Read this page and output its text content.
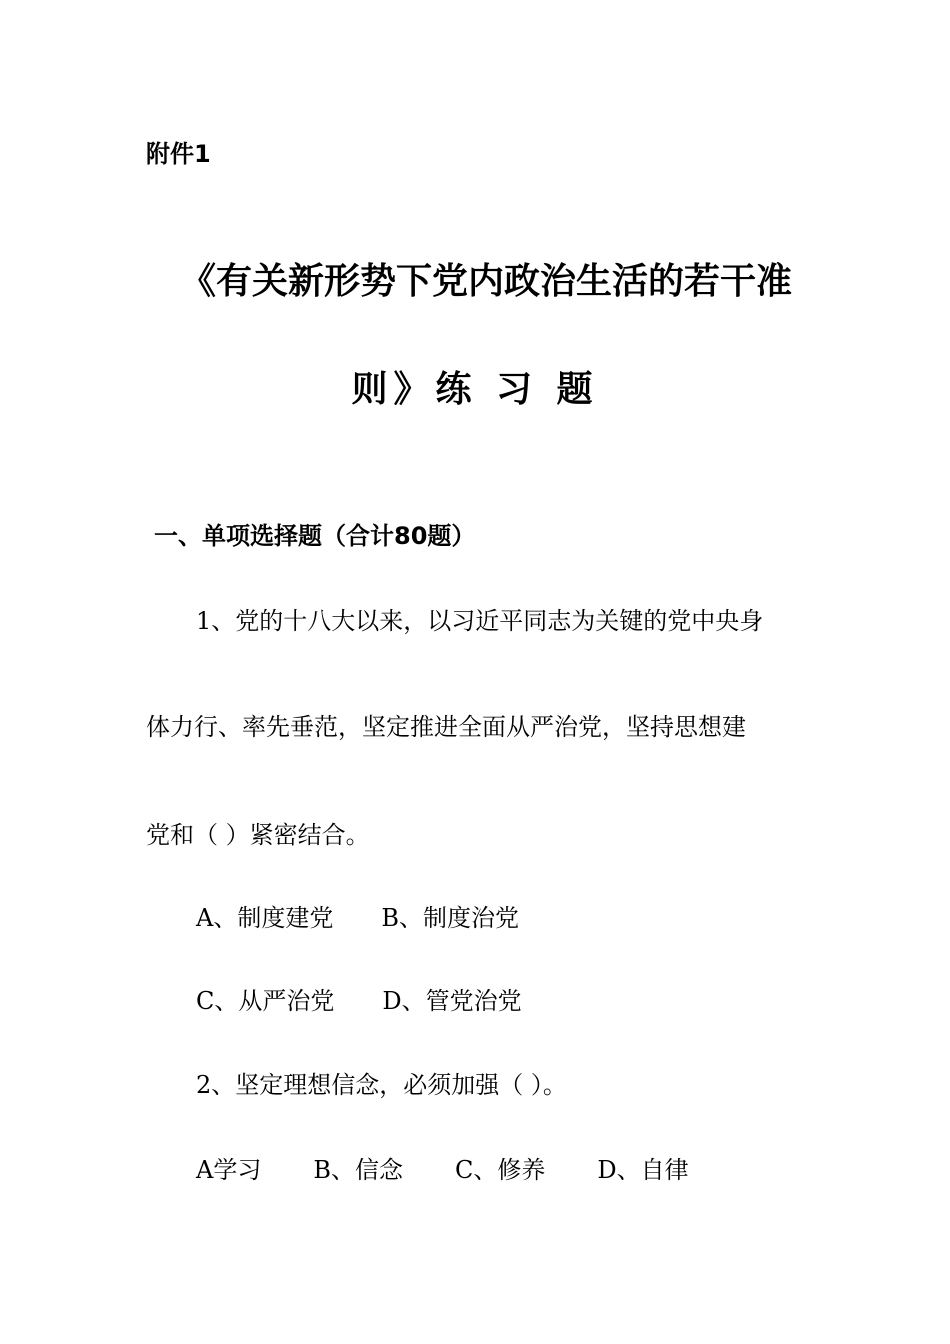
附件1
《有关新形势下党内政治生活的若干准
则》练 习 题
一、单项选择题（合计80题）
1、党的十八大以来，以习近平同志为关键的党中央身
体力行、率先垂范，坚定推进全面从严治党，坚持思想建
党和（ ）紧密结合。
A、制度建党 B、制度治党
C、从严治党 D、管党治党
2、坚定理想信念，必须加强（ ）。
A学习 B、信念 C、修养 D、自律
